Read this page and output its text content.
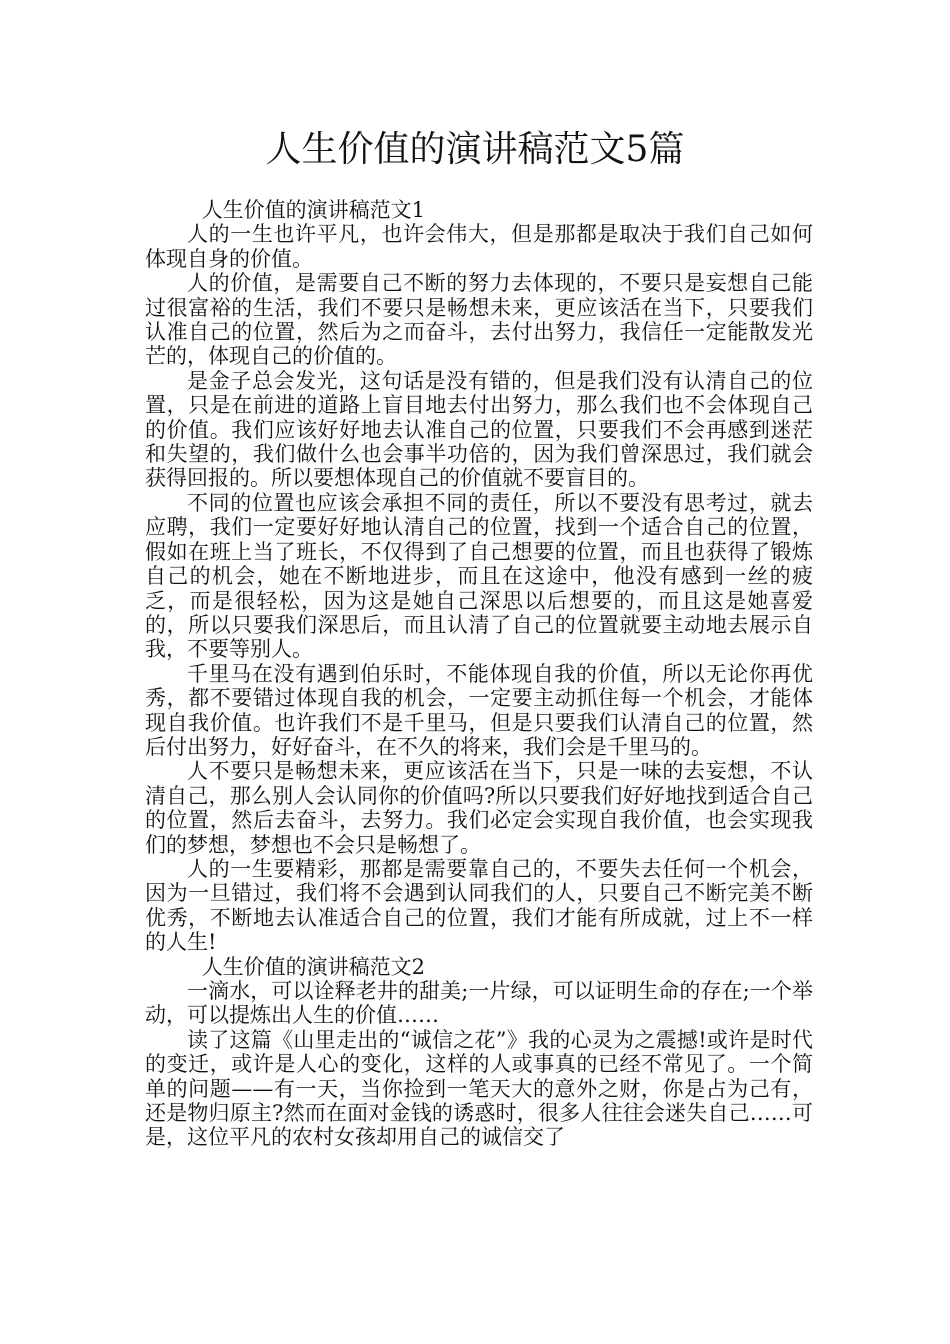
人生价值的演讲稿范文5篇

人生价值的演讲稿范文1

人的一生也许平凡，也许会伟大，但是那都是取决于我们自己如何体现自身的价值。

人的价值，是需要自己不断的努力去体现的，不要只是妄想自己能过很富裕的生活，我们不要只是畅想未来，更应该活在当下，只要我们认准自己的位置，然后为之而奋斗，去付出努力，我信任一定能散发光芒的，体现自己的价值的。

是金子总会发光，这句话是没有错的，但是我们没有认清自己的位置，只是在前进的道路上盲目地去付出努力，那么我们也不会体现自己的价值。我们应该好好地去认准自己的位置，只要我们不会再感到迷茫和失望的，我们做什么也会事半功倍的，因为我们曾深思过，我们就会获得回报的。所以要想体现自己的价值就不要盲目的。

不同的位置也应该会承担不同的责任，所以不要没有思考过，就去应聘，我们一定要好好地认清自己的位置，找到一个适合自己的位置，假如在班上当了班长，不仅得到了自己想要的位置，而且也获得了锻炼自己的机会，她在不断地进步，而且在这途中，他没有感到一丝的疲乏，而是很轻松，因为这是她自己深思以后想要的，而且这是她喜爱的，所以只要我们深思后，而且认清了自己的位置就要主动地去展示自我，不要等别人。

千里马在没有遇到伯乐时，不能体现自我的价值，所以无论你再优秀，都不要错过体现自我的机会，一定要主动抓住每一个机会，才能体现自我价值。也许我们不是千里马，但是只要我们认清自己的位置，然后付出努力，好好奋斗，在不久的将来，我们会是千里马的。

人不要只是畅想未来，更应该活在当下，只是一味的去妄想，不认清自己，那么别人会认同你的价值吗?所以只要我们好好地找到适合自己的位置，然后去奋斗，去努力。我们必定会实现自我价值，也会实现我们的梦想，梦想也不会只是畅想了。

人的一生要精彩，那都是需要靠自己的，不要失去任何一个机会，因为一旦错过，我们将不会遇到认同我们的人，只要自己不断完美不断优秀，不断地去认准适合自己的位置，我们才能有所成就，过上不一样的人生!

人生价值的演讲稿范文2

一滴水，可以诠释老井的甜美;一片绿，可以证明生命的存在;一个举动，可以提炼出人生的价值……

读了这篇《山里走出的“诚信之花”》我的心灵为之震撼!或许是时代的变迁，或许是人心的变化，这样的人或事真的已经不常见了。一个简单的问题——有一天，当你捡到一笔天大的意外之财，你是占为己有，还是物归原主?然而在面对金钱的诱惑时，很多人往往会迷失自己……可是，这位平凡的农村女孩却用自己的诚信交了
